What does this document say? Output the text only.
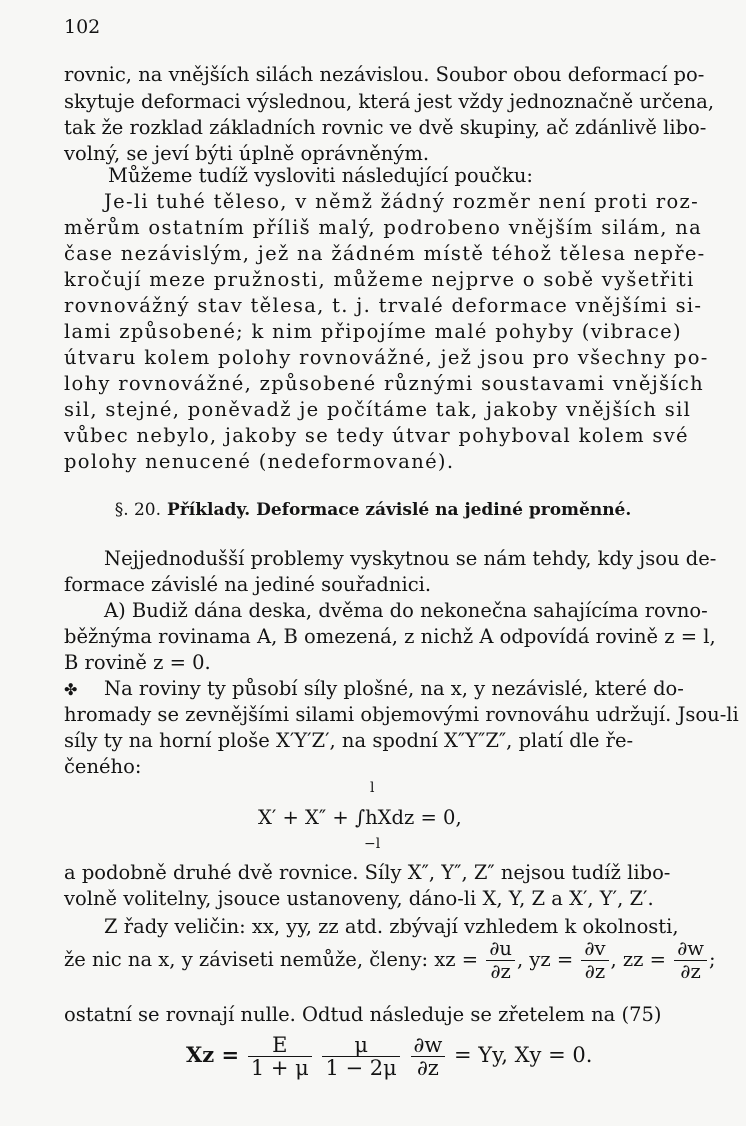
102
rovnic, na vnějších silách nezávislou. Soubor obou deformací po-
skytuje deformaci výslednou, která jest vždy jednoznačně určena,
tak že rozklad základních rovnic ve dvě skupiny, ač zdánlivě libo-
volný, se jeví býti úplně oprávněným.
Můžeme tudíž vysloviti následující poučku:
Je-li tuhé těleso, v němž žádný rozměr není proti roz-
měrům ostatním příliš malý, podrobeno vnějším silám, na
čase nezávislým, jež na žádném místě téhož tělesa nepře-
kročují meze pružnosti, můžeme nejprve o sobě vyšetřiti
rovnovážný stav tělesa, t. j. trvalé deformace vnějšími si-
lami způsobené; k nim připojíme malé pohyby (vibrace)
útvaru kolem polohy rovnovážné, jež jsou pro všechny po-
lohy rovnovážné, způsobené různými soustavami vnějších
sil, stejné, poněvadž je počítáme tak, jakoby vnějších sil
vůbec nebylo, jakoby se tedy útvar pohyboval kolem své
polohy nenucené (nedeformované).
§. 20. Příklady. Deformace závislé na jediné proměnné.
Nejjednodušší problemy vyskytnou se nám tehdy, kdy jsou de-
formace závislé na jediné souřadnici.
A) Budiž dána deska, dvěma do nekonečna sahajícíma rovno-
běžnýma rovinama A, B omezená, z nichž A odpovídá rovině z = l,
B rovině z = 0.
✤ Na roviny ty působí síly plošné, na x, y nezávislé, které do-
hromady se zevnějšími silami objemovými rovnováhu udržují. Jsou-li
síly ty na horní ploše X′Y′Z′, na spodní X″Y″Z″, platí dle ře-
čeného:
l
X′ + X″ + ∫hXdz = 0,
−l
a podobně druhé dvě rovnice. Síly X″, Y″, Z″ nejsou tudíž libo-
volně volitelny, jsouce ustanoveny, dáno-li X, Y, Z a X′, Y′, Z′.
Z řady veličin: xx, yy, zz atd. zbývají vzhledem k okolnosti,
že nic na x, y záviseti nemůže, členy: xz = $\frac{\partial u}{\partial z}$ , yz = $\frac{\partial v}{\partial z}$ , zz = $\frac{\partial w}{\partial z}$ ;
ostatní se rovnají nulle. Odtud následuje se zřetelem na (75)
$Xz = \frac{E}{1 + \mu}$
$\frac{\mu}{1 - 2\mu}$
$\frac{\partial w}{\partial z} = Yy$, Xy = 0.
